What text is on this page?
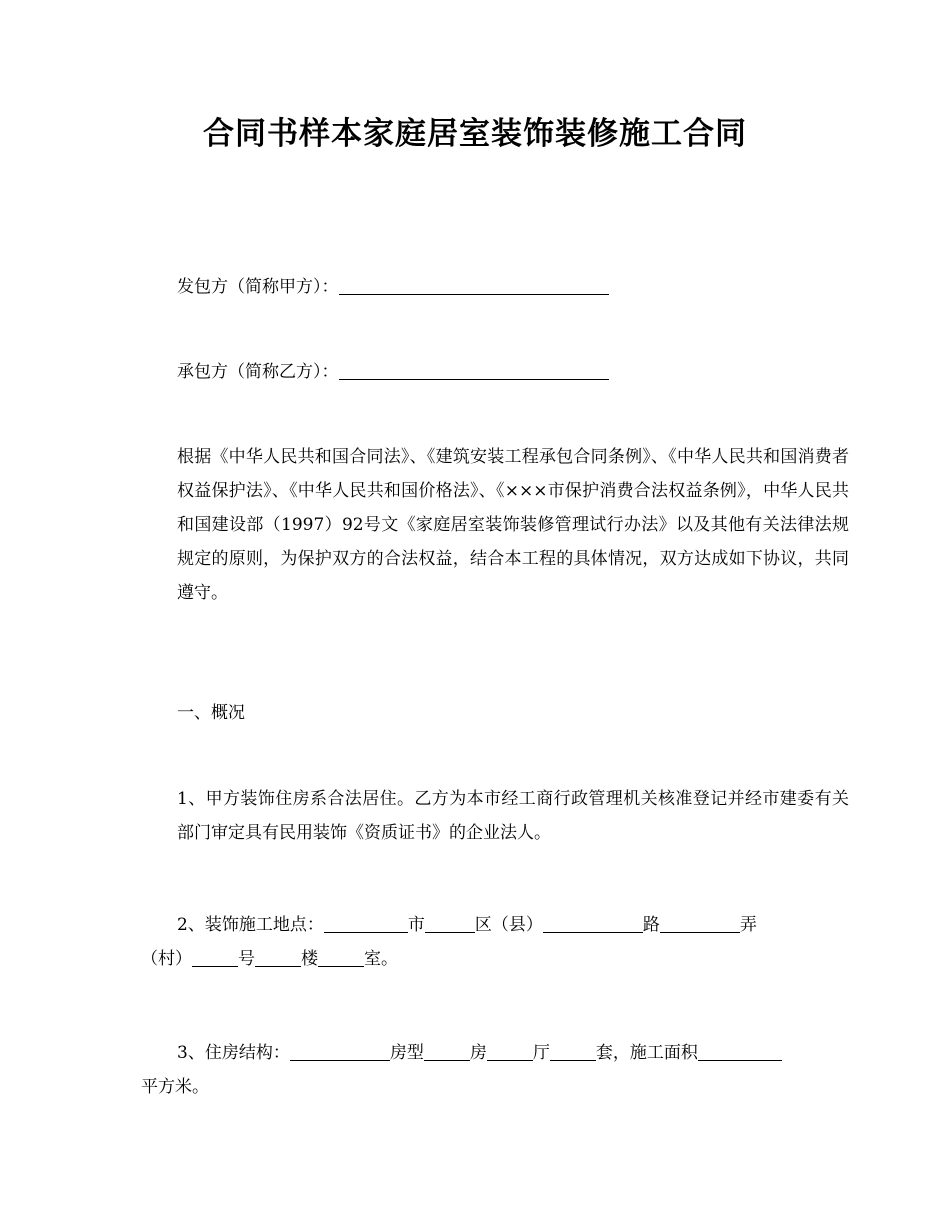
合同书样本家庭居室装饰装修施工合同

发包方（简称甲方）：

承包方（简称乙方）：

根据《中华人民共和国合同法》、《建筑安装工程承包合同条例》、《中华人民共和国消费者权益保护法》、《中华人民共和国价格法》、《×××市保护消费合法权益条例》，中华人民共和国建设部（1997）92号文《家庭居室装饰装修管理试行办法》以及其他有关法律法规规定的原则，为保护双方的合法权益，结合本工程的具体情况，双方达成如下协议，共同遵守。

一、概况

1、甲方装饰住房系合法居住。乙方为本市经工商行政管理机关核准登记并经市建委有关部门审定具有民用装饰《资质证书》的企业法人。

2、装饰施工地点：	市	区（县）	路	弄
（村）	号	楼	室。

3、住房结构：	房型	房	厅	套，施工面积
平方米。
